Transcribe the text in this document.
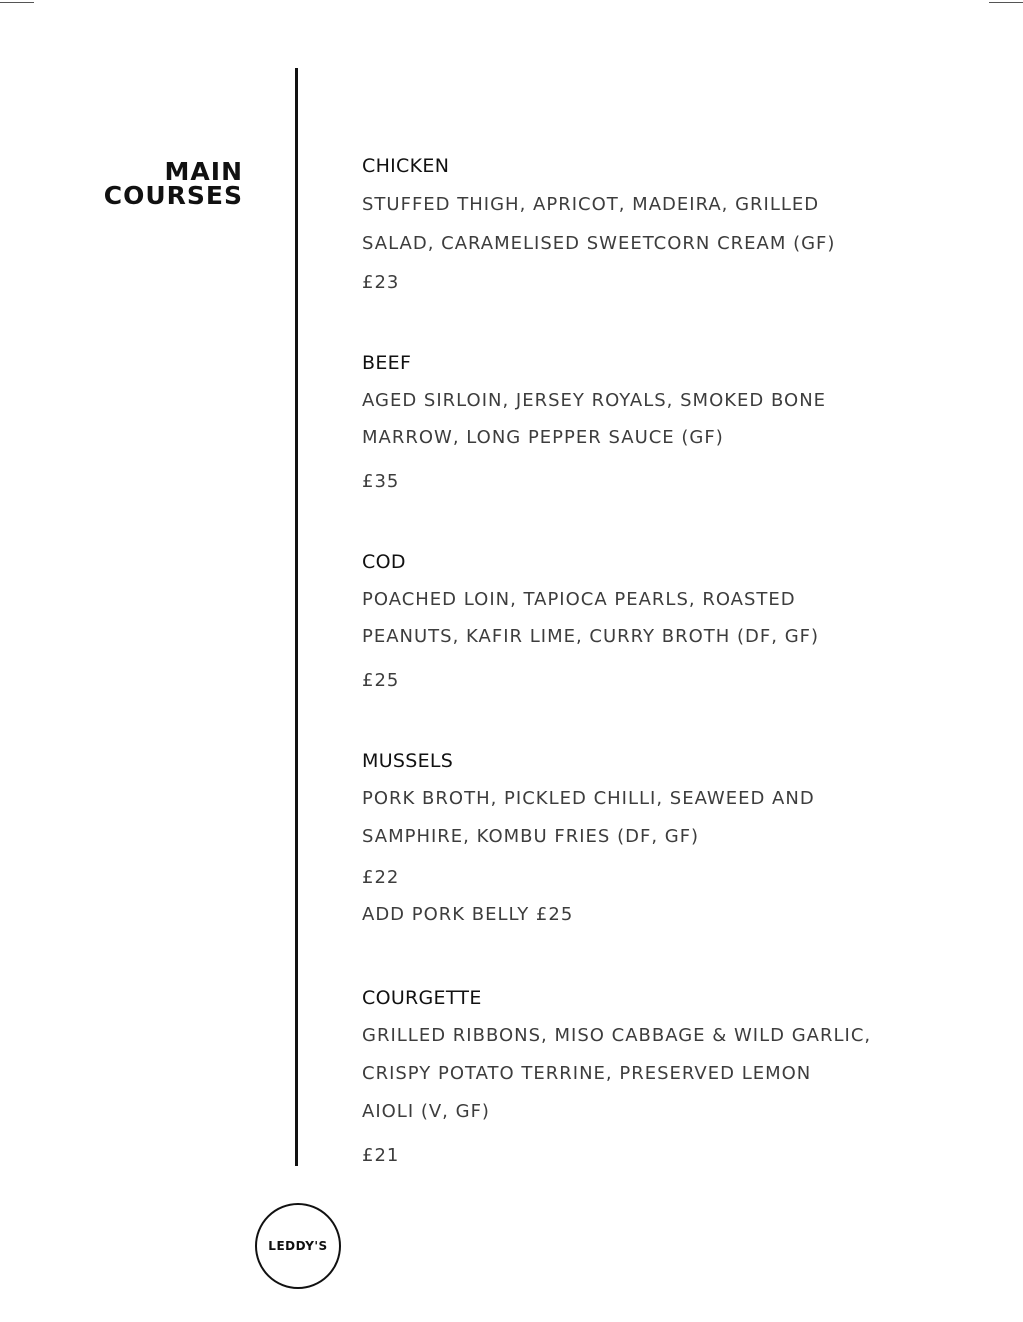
MAIN
COURSES
CHICKEN
STUFFED THIGH, APRICOT, MADEIRA, GRILLED
SALAD, CARAMELISED SWEETCORN CREAM (GF)
£23
BEEF
AGED SIRLOIN, JERSEY ROYALS, SMOKED BONE
MARROW, LONG PEPPER SAUCE (GF)
£35
COD
POACHED LOIN, TAPIOCA PEARLS, ROASTED
PEANUTS, KAFIR LIME, CURRY BROTH (DF, GF)
£25
MUSSELS
PORK BROTH, PICKLED CHILLI, SEAWEED AND
SAMPHIRE, KOMBU FRIES (DF, GF)
£22
ADD PORK BELLY £25
COURGETTE
GRILLED RIBBONS, MISO CABBAGE & WILD GARLIC,
CRISPY POTATO TERRINE, PRESERVED LEMON
AIOLI (V, GF)
£21
LEDDY'S
